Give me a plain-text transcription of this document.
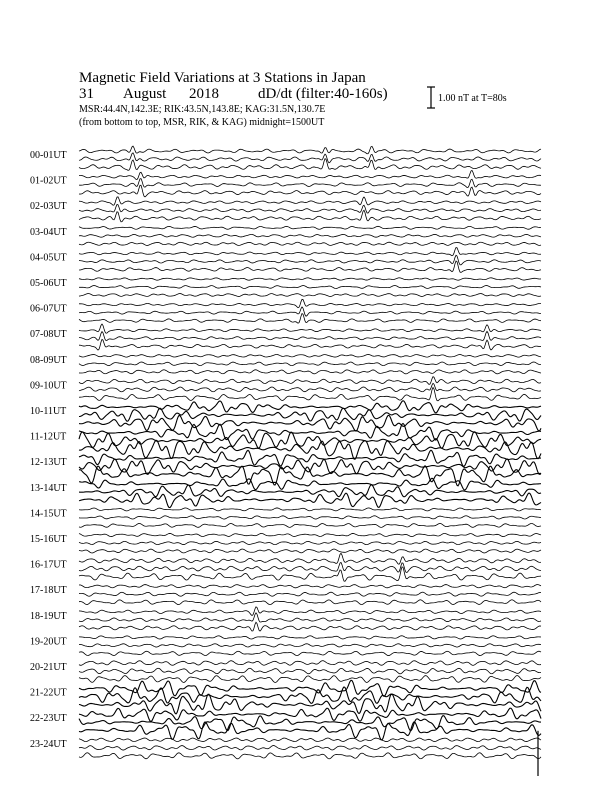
Magnetic Field Variations at 3 Stations in Japan
31 August 2018	dD/dt (filter:40-160s)
MSR:44.4N,142.3E; RIK:43.5N,143.8E; KAG:31.5N,130.7E
(from bottom to top, MSR, RIK, & KAG) midnight=1500UT
1.00 nT at T=80s
00-01UT
01-02UT
02-03UT
03-04UT
04-05UT
05-06UT
06-07UT
07-08UT
08-09UT
09-10UT
10-11UT
11-12UT
12-13UT
13-14UT
14-15UT
15-16UT
16-17UT
17-18UT
18-19UT
19-20UT
20-21UT
21-22UT
22-23UT
23-24UT
